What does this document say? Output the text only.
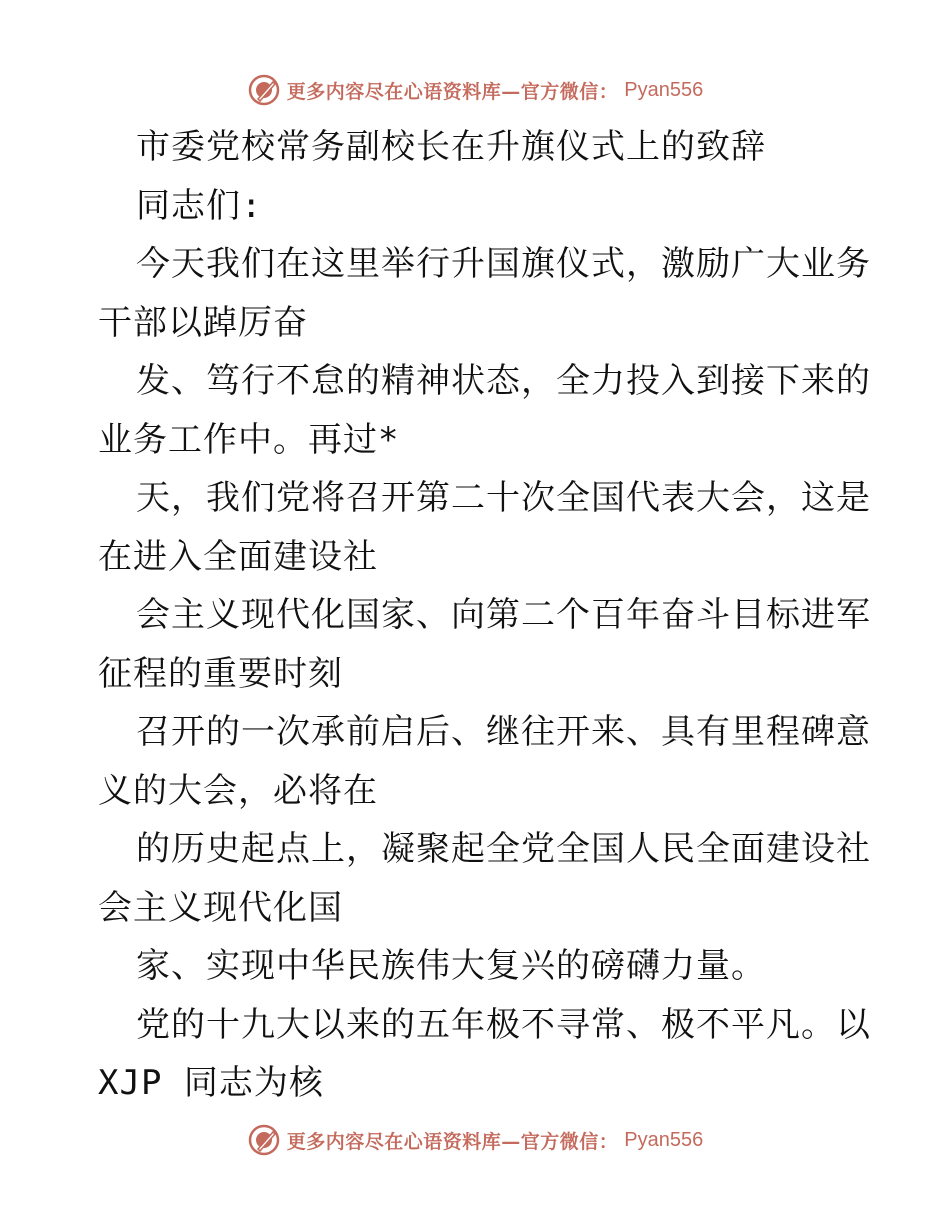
更多内容尽在心语资料库—官方微信： Pyan556
市委党校常务副校长在升旗仪式上的致辞
同志们:
今天我们在这里举行升国旗仪式，激励广大业务
干部以踔厉奋
发、笃行不怠的精神状态，全力投入到接下来的
业务工作中。再过*
天，我们党将召开第二十次全国代表大会，这是
在进入全面建设社
会主义现代化国家、向第二个百年奋斗目标进军
征程的重要时刻
召开的一次承前启后、继往开来、具有里程碑意
义的大会，必将在
的历史起点上，凝聚起全党全国人民全面建设社
会主义现代化国
家、实现中华民族伟大复兴的磅礴力量。
党的十九大以来的五年极不寻常、极不平凡。以
XJP 同志为核
更多内容尽在心语资料库—官方微信： Pyan556
